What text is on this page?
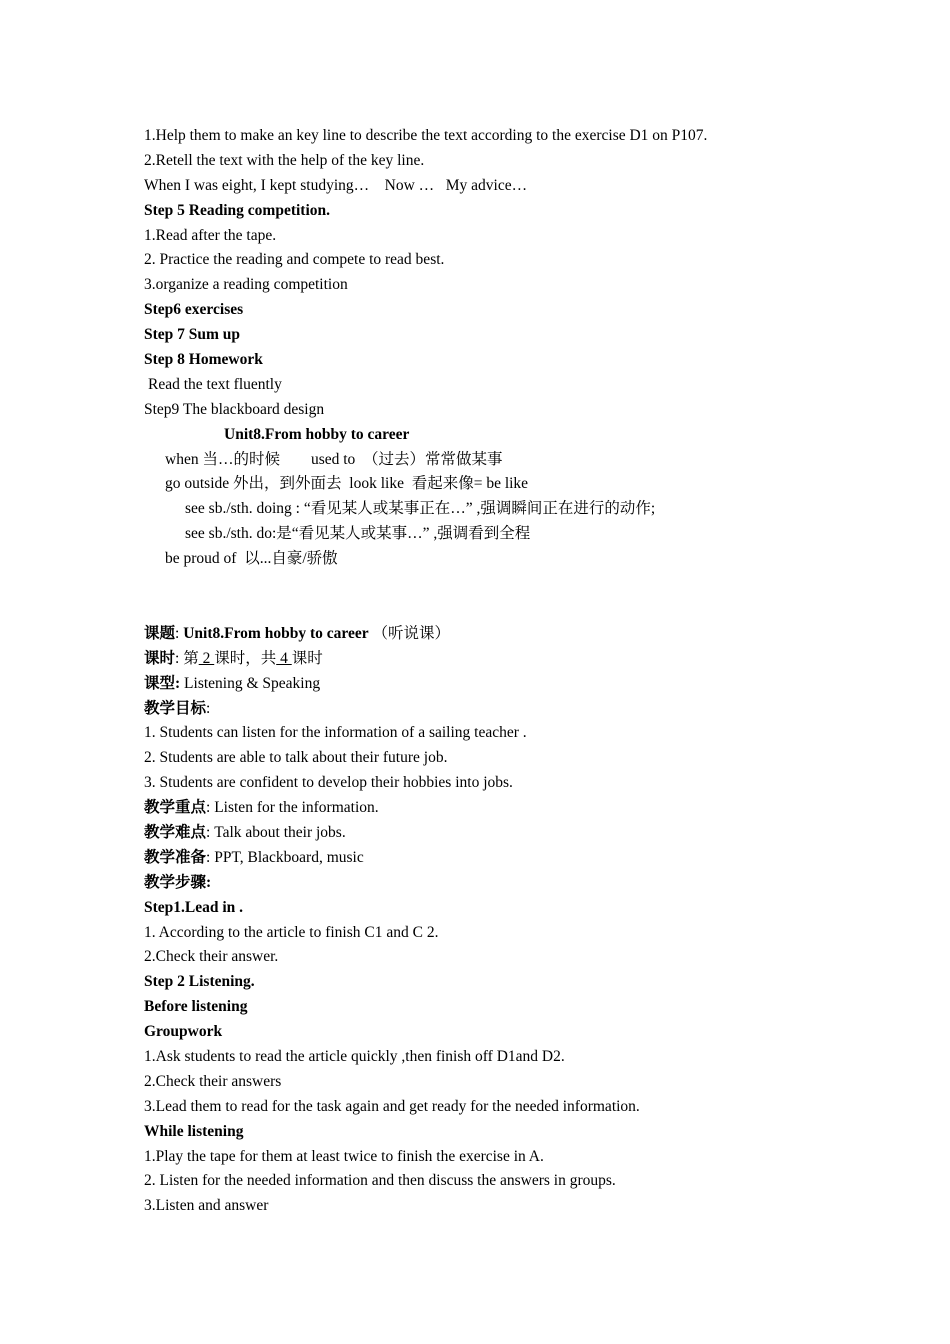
1.Help them to make an key line to describe the text according to the exercise D1 on P107.
2.Retell the text with the help of the key line.
When I was eight, I kept studying…    Now …   My advice…
Step 5 Reading competition.
1.Read after the tape.
2. Practice the reading and compete to read best.
3.organize a reading competition
Step6 exercises
Step 7 Sum up
Step 8 Homework
Read the text fluently
Step9 The blackboard design
Unit8.From hobby to career
when 当…的时候        used to  （过去）常常做某事
go outside 外出，到外面去  look like  看起来像= be like
see sb./sth. doing : “看见某人或某事正在…” ,强调瞬间正在进行的动作;
see sb./sth. do:是“看见某人或某事…” ,强调看到全程
be proud of  以...自豪/骄傲
课题: Unit8.From hobby to career （听说课）
课时: 第 2 课时，共 4 课时
课型: Listening & Speaking
教学目标:
1. Students can listen for the information of a sailing teacher .
2. Students are able to talk about their future job.
3. Students are confident to develop their hobbies into jobs.
教学重点: Listen for the information.
教学难点: Talk about their jobs.
教学准备: PPT, Blackboard, music
教学步骤:
Step1.Lead in .
1. According to the article to finish C1 and C 2.
2.Check their answer.
Step 2 Listening.
Before listening
Groupwork
1.Ask students to read the article quickly ,then finish off D1and D2.
2.Check their answers
3.Lead them to read for the task again and get ready for the needed information.
While listening
1.Play the tape for them at least twice to finish the exercise in A.
2. Listen for the needed information and then discuss the answers in groups.
3.Listen and answer
